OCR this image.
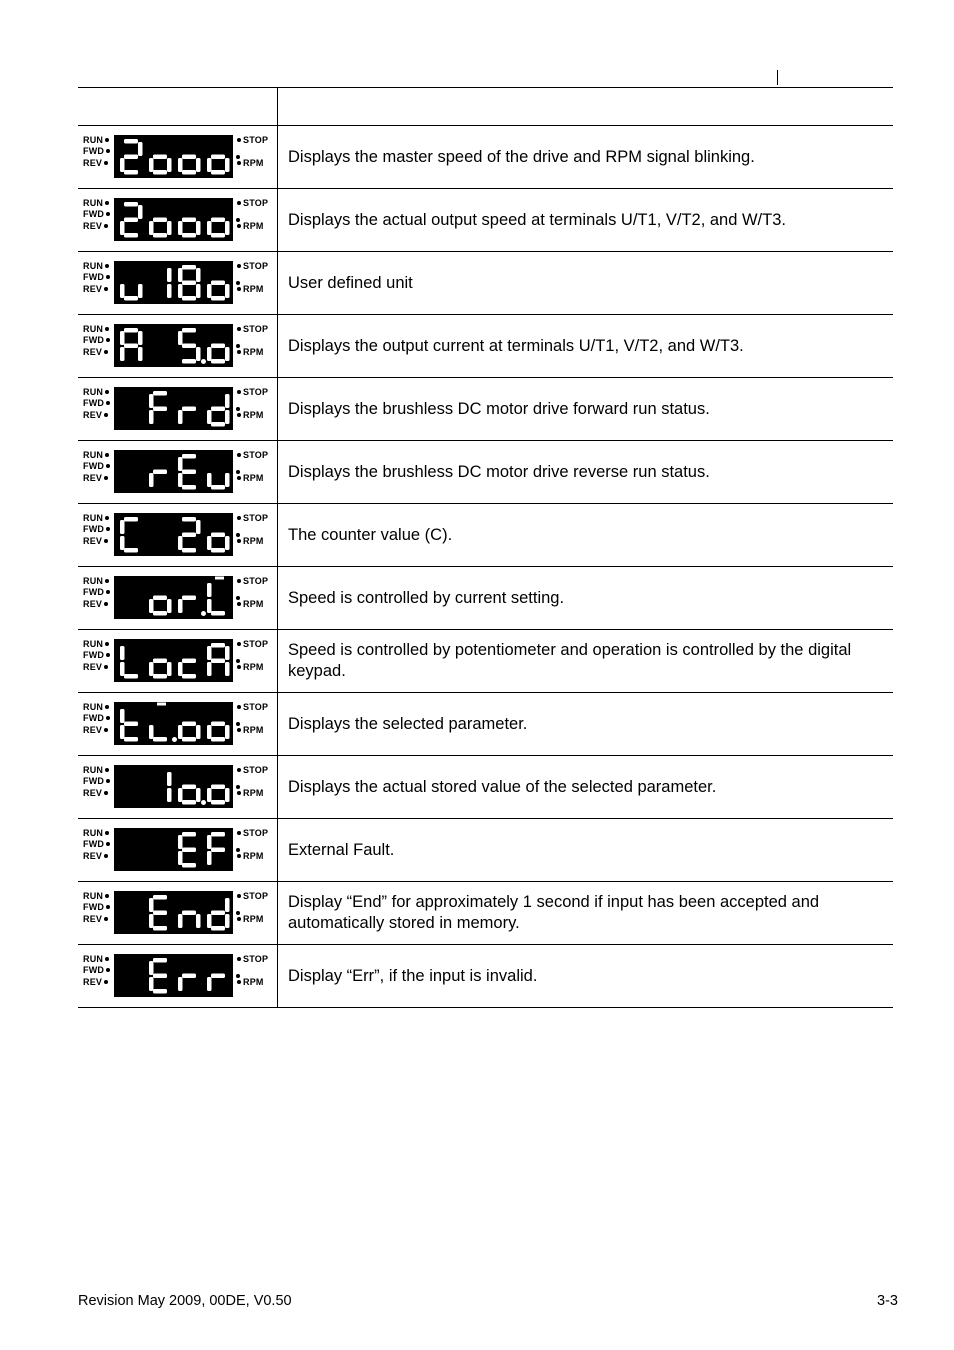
RUN
FWD
REV
STOP
RPM	Displays the master speed of the drive and RPM signal blinking.

RUN
FWD
REV
STOP
RPM	Displays the actual output speed at terminals U/T1, V/T2, and W/T3.

RUN
FWD
REV
STOP
RPM	User defined unit

RUN
FWD
REV
STOP
RPM	Displays the output current at terminals U/T1, V/T2, and W/T3.

RUN
FWD
REV
STOP
RPM	Displays the brushless DC motor drive forward run status.

RUN
FWD
REV
STOP
RPM	Displays the brushless DC motor drive reverse run status.

RUN
FWD
REV
STOP
RPM	The counter value (C).

RUN
FWD
REV
STOP
RPM	Speed is controlled by current setting.

RUN
FWD
REV
STOP
RPM	Speed is controlled by potentiometer and operation is controlled by the digital keypad.

RUN
FWD
REV
STOP
RPM	Displays the selected parameter.

RUN
FWD
REV
STOP
RPM	Displays the actual stored value of the selected parameter.

RUN
FWD
REV
STOP
RPM	External Fault.

RUN
FWD
REV
STOP
RPM	Display “End” for approximately 1 second if input has been accepted and automatically stored in memory.

RUN
FWD
REV
STOP
RPM	Display “Err”, if the input is invalid.
Revision May 2009, 00DE, V0.50	3-3
